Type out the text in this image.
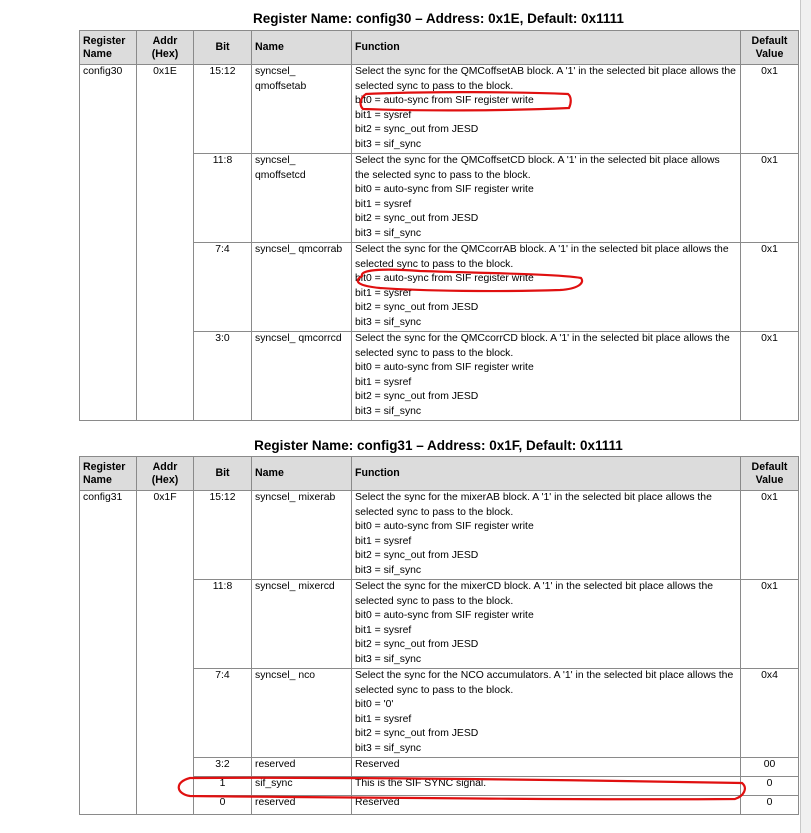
Register Name: config30 – Address: 0x1E, Default: 0x1111
Register Name	Addr (Hex)	Bit	Name	Function	Default Value
config30	0x1E	15:12	syncsel_ qmoffsetab	Select the sync for the QMCoffsetAB block. A '1' in the selected bit place allows the selected sync to pass to the block.
bit0 = auto-sync from SIF register write
bit1 = sysref
bit2 = sync_out from JESD
bit3 = sif_sync	0x1
		11:8	syncsel_ qmoffsetcd	Select the sync for the QMCoffsetCD block. A '1' in the selected bit place allows the selected sync to pass to the block.
bit0 = auto-sync from SIF register write
bit1 = sysref
bit2 = sync_out from JESD
bit3 = sif_sync	0x1
		7:4	syncsel_ qmcorrab	Select the sync for the QMCcorrAB block. A '1' in the selected bit place allows the selected sync to pass to the block.
bit0 = auto-sync from SIF register write
bit1 = sysref
bit2 = sync_out from JESD
bit3 = sif_sync	0x1
		3:0	syncsel_ qmcorrcd	Select the sync for the QMCcorrCD block. A '1' in the selected bit place allows the selected sync to pass to the block.
bit0 = auto-sync from SIF register write
bit1 = sysref
bit2 = sync_out from JESD
bit3 = sif_sync	0x1
Register Name: config31 – Address: 0x1F, Default: 0x1111
Register Name	Addr (Hex)	Bit	Name	Function	Default Value
config31	0x1F	15:12	syncsel_ mixerab	Select the sync for the mixerAB block. A '1' in the selected bit place allows the selected sync to pass to the block.
bit0 = auto-sync from SIF register write
bit1 = sysref
bit2 = sync_out from JESD
bit3 = sif_sync	0x1
		11:8	syncsel_ mixercd	Select the sync for the mixerCD block. A '1' in the selected bit place allows the selected sync to pass to the block.
bit0 = auto-sync from SIF register write
bit1 = sysref
bit2 = sync_out from JESD
bit3 = sif_sync	0x1
		7:4	syncsel_ nco	Select the sync for the NCO accumulators. A '1' in the selected bit place allows the selected sync to pass to the block.
bit0 = '0'
bit1 = sysref
bit2 = sync_out from JESD
bit3 = sif_sync	0x4
		3:2	reserved	Reserved	00
		1	sif_sync	This is the SIF SYNC signal.	0
		0	reserved	Reserved	0
